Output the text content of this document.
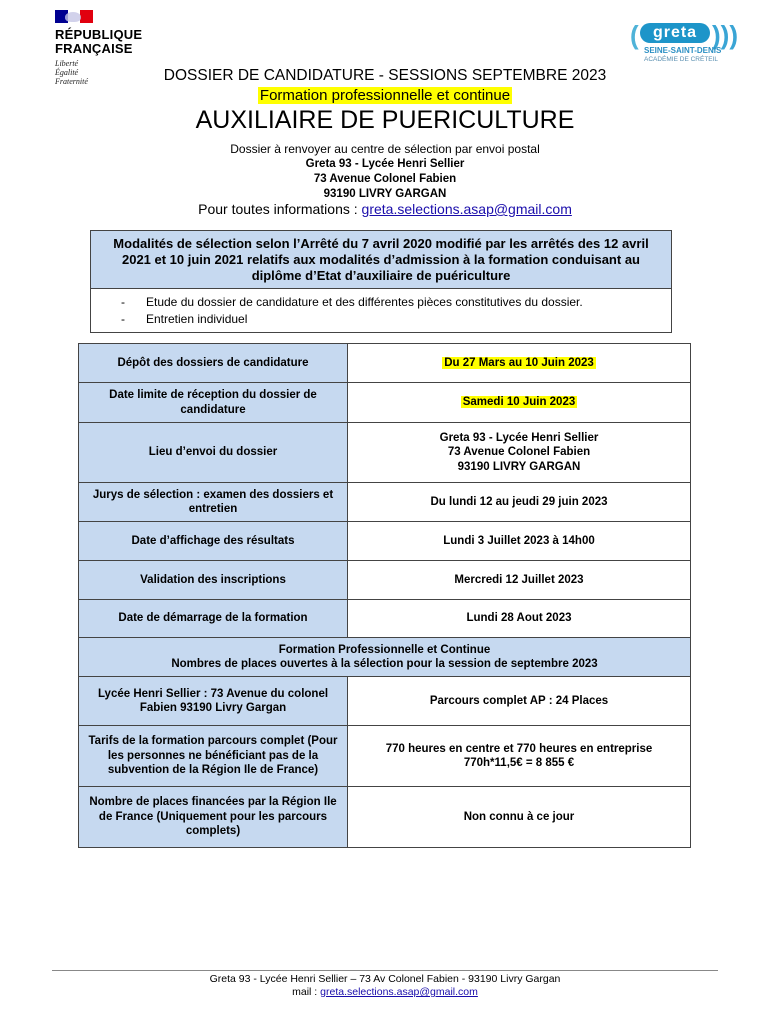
RÉPUBLIQUE
FRANÇAISE
Liberté
Égalité
Fraternité
( greta )))
SEINE-SAINT-DENIS
ACADÉMIE DE CRÉTEIL
DOSSIER DE CANDIDATURE - SESSIONS SEPTEMBRE 2023
Formation professionnelle et continue
AUXILIAIRE DE PUERICULTURE
Dossier à renvoyer au centre de sélection par envoi postal
Greta 93 - Lycée Henri Sellier
73 Avenue Colonel Fabien
93190 LIVRY GARGAN
Pour toutes informations : greta.selections.asap@gmail.com
Modalités de sélection selon l’Arrêté du 7 avril 2020 modifié par les arrêtés des 12 avril 2021 et 10 juin 2021 relatifs aux modalités d’admission à la formation conduisant au diplôme d’Etat d’auxiliaire de puériculture
- Etude du dossier de candidature et des différentes pièces constitutives du dossier.
- Entretien individuel
Dépôt des dossiers de candidature	Du 27 Mars au 10 Juin 2023
Date limite de réception du dossier de candidature	Samedi 10 Juin 2023
Lieu d’envoi du dossier	Greta 93 - Lycée Henri Sellier
73 Avenue Colonel Fabien
93190 LIVRY GARGAN

Jurys de sélection : examen des dossiers et entretien	Du lundi 12 au jeudi 29 juin 2023
Date d’affichage des résultats	Lundi 3 Juillet 2023 à 14h00
Validation des inscriptions	Mercredi 12 Juillet 2023
Date de démarrage de la formation	Lundi 28 Aout 2023

Formation Professionnelle et Continue
Nombres de places ouvertes à la sélection pour la session de septembre 2023	

Lycée Henri Sellier : 73 Avenue du colonel Fabien 93190 Livry Gargan	Parcours complet AP : 24 Places
Tarifs de la formation parcours complet (Pour les personnes ne bénéficiant pas de la subvention de la Région Ile de France)	770 heures en centre et 770 heures en entreprise
770h*11,5€ = 8 855 €

Nombre de places financées par la Région Ile de France (Uniquement pour les parcours complets)	Non connu à ce jour
Greta 93 - Lycée Henri Sellier – 73 Av Colonel Fabien - 93190 Livry Gargan
mail : greta.selections.asap@gmail.com
